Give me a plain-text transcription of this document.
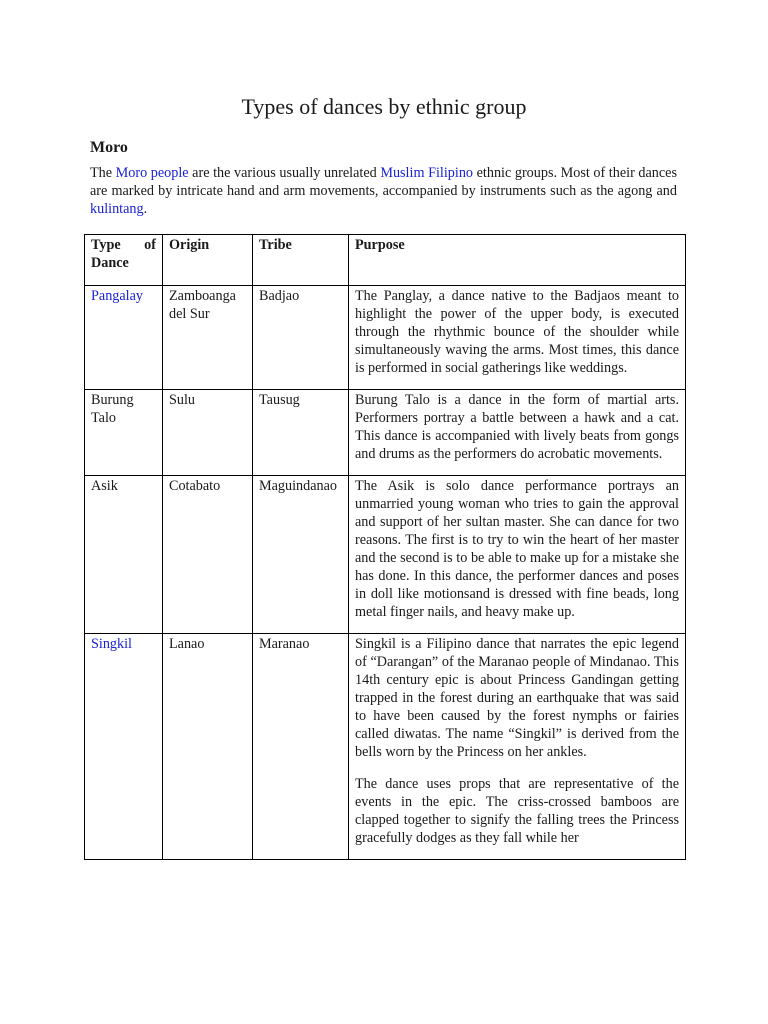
Types of dances by ethnic group
Moro

The Moro people are the various usually unrelated Muslim Filipino ethnic groups. Most of their dances are marked by intricate hand and arm movements, accompanied by instruments such as the agong and kulintang.

Type of Dance	Origin	Tribe	Purpose
Pangalay	Zamboanga del Sur	Badjao	The Panglay, a dance native to the Badjaos meant to highlight the power of the upper body, is executed through the rhythmic bounce of the shoulder while simultaneously waving the arms. Most times, this dance is performed in social gatherings like weddings.
Burung Talo	Sulu	Tausug	Burung Talo is a dance in the form of martial arts. Performers portray a battle between a hawk and a cat. This dance is accompanied with lively beats from gongs and drums as the performers do acrobatic movements.
Asik	Cotabato	Maguindanao	The Asik is solo dance performance portrays an unmarried young woman who tries to gain the approval and support of her sultan master. She can dance for two reasons. The first is to try to win the heart of her master and the second is to be able to make up for a mistake she has done. In this dance, the performer dances and poses in doll like motionsand is dressed with fine beads, long metal finger nails, and heavy make up.
Singkil	Lanao	Maranao	Singkil is a Filipino dance that narrates the epic legend of “Darangan” of the Maranao people of Mindanao. This 14th century epic is about Princess Gandingan getting trapped in the forest during an earthquake that was said to have been caused by the forest nymphs or fairies called diwatas. The name “Singkil” is derived from the bells worn by the Princess on her ankles.

The dance uses props that are representative of the events in the epic. The criss-crossed bamboos are clapped together to signify the falling trees the Princess gracefully dodges as they fall while her
